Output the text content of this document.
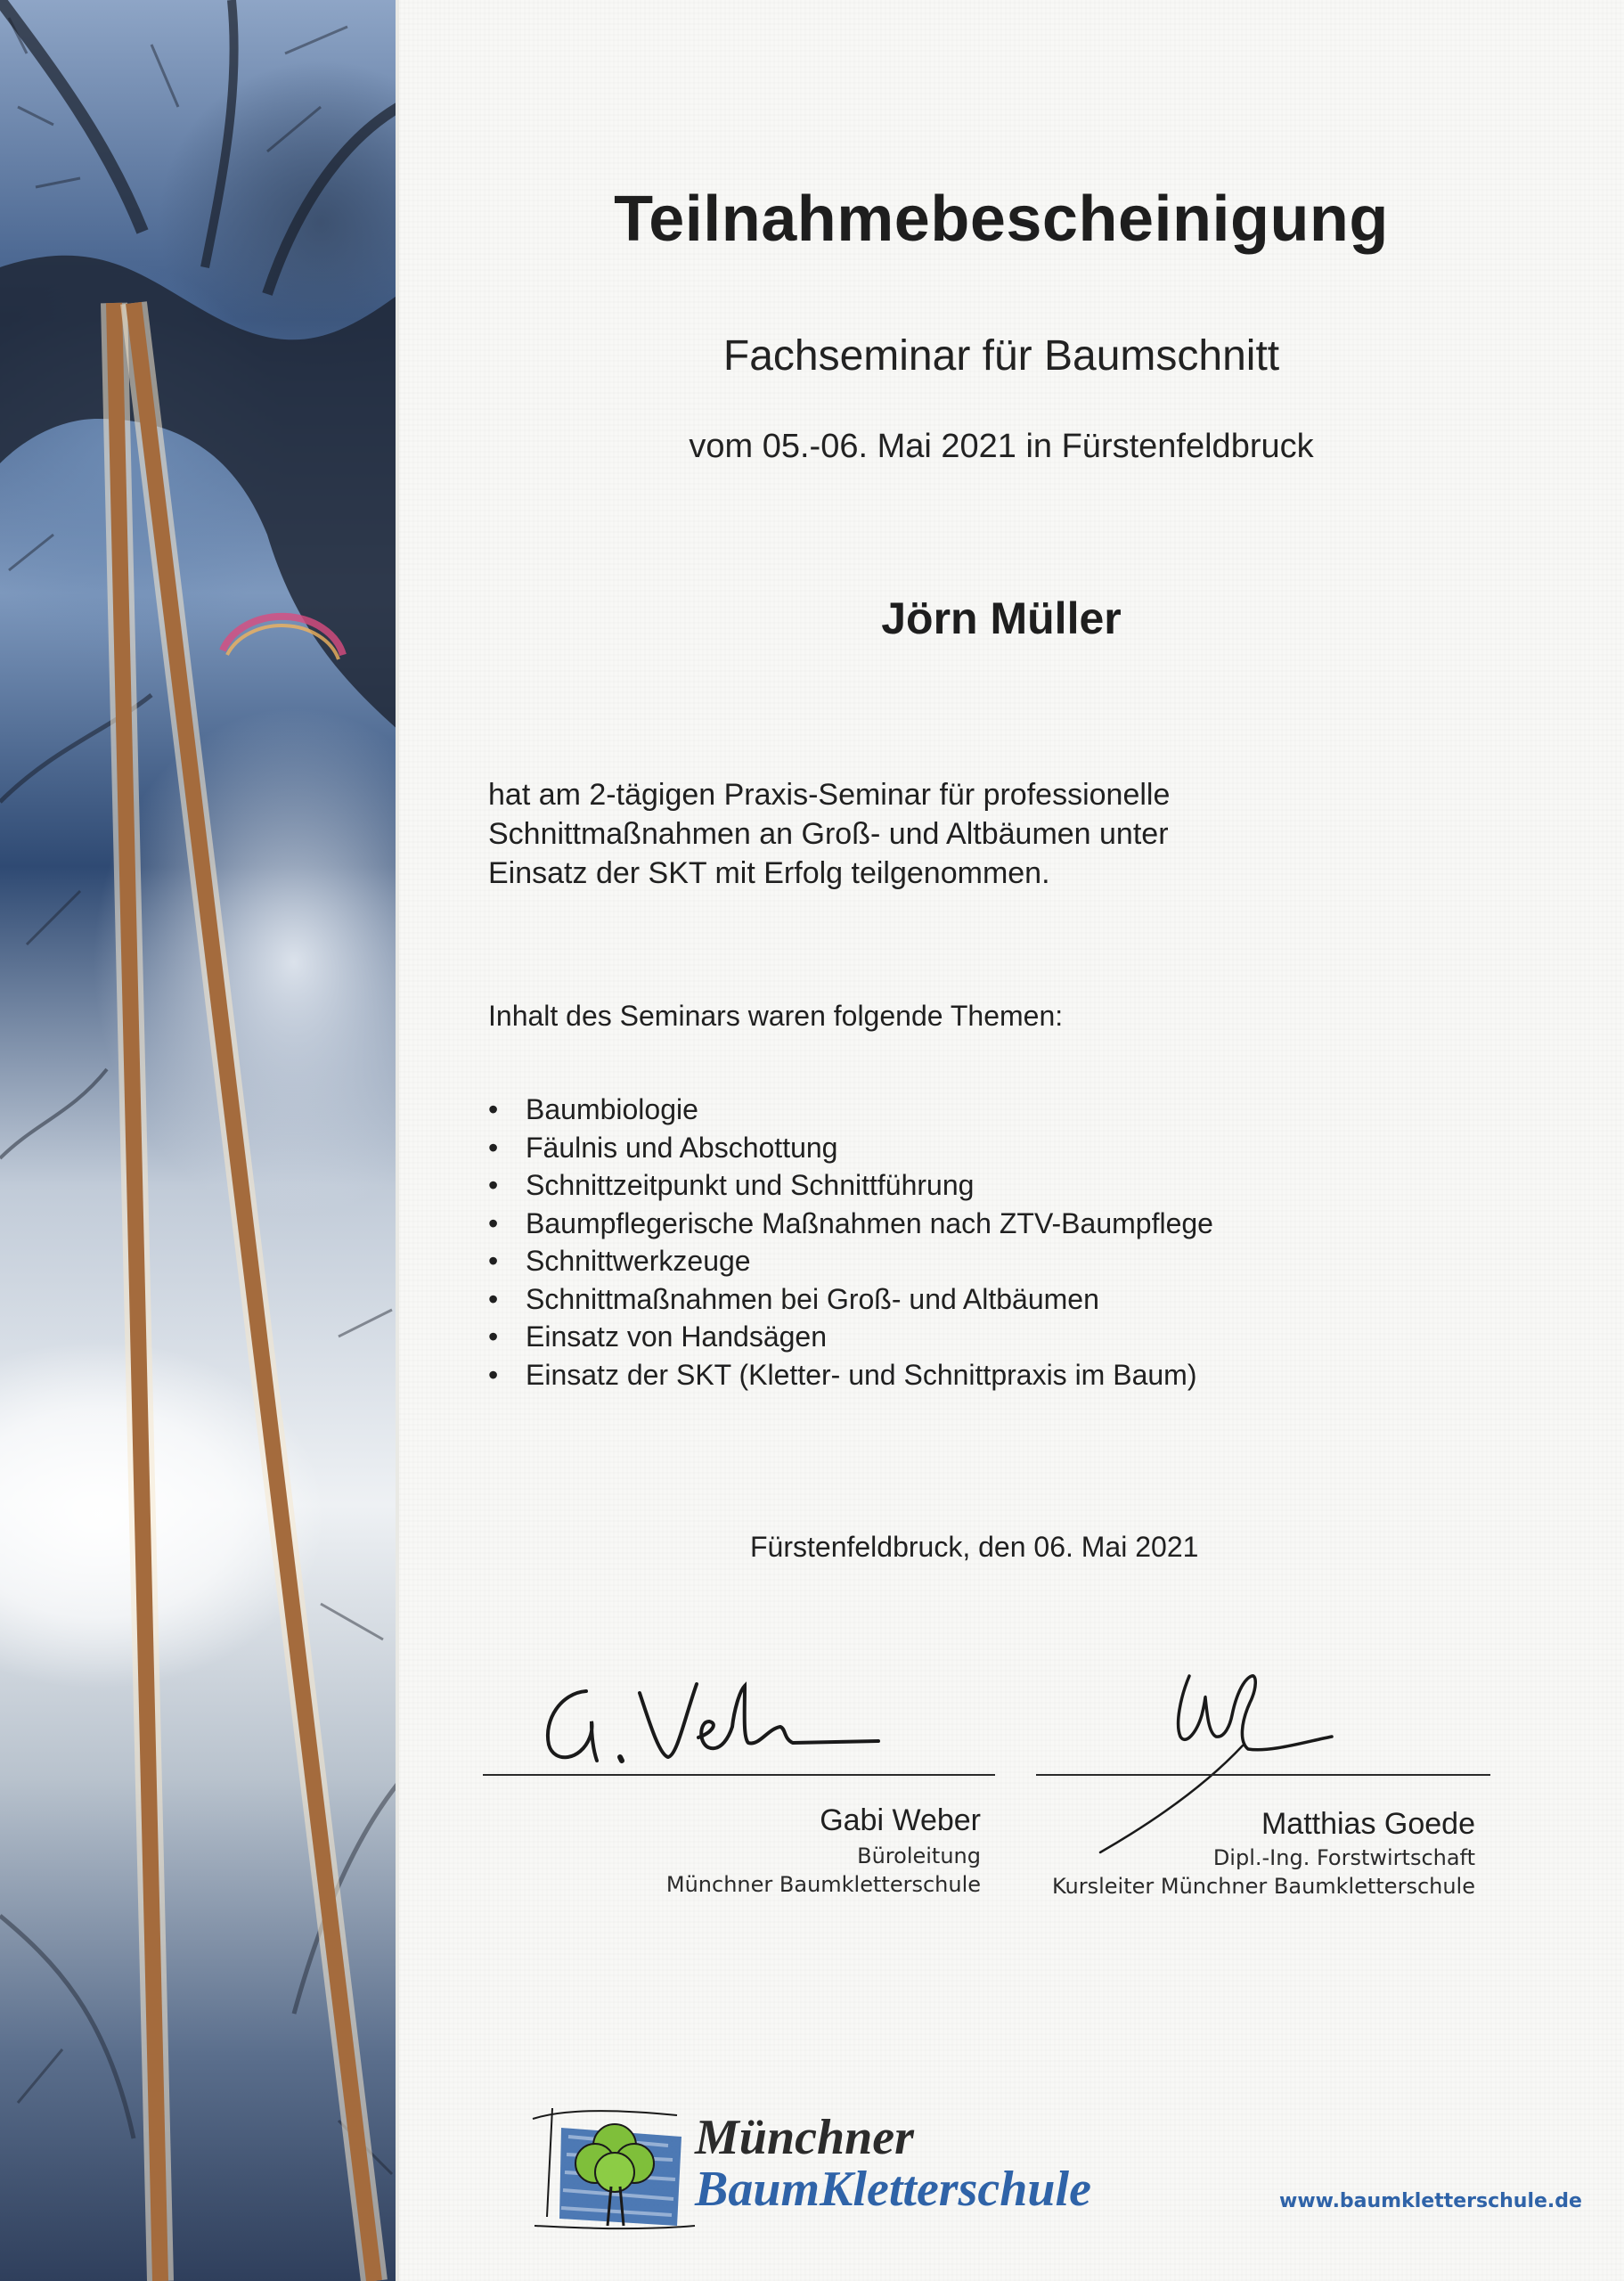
Teilnahmebescheinigung
Fachseminar für Baumschnitt
vom 05.-06. Mai 2021 in Fürstenfeldbruck
Jörn Müller
hat am 2-tägigen Praxis-Seminar für professionelle
Schnittmaßnahmen an Groß- und Altbäumen unter
Einsatz der SKT mit Erfolg teilgenommen.
Inhalt des Seminars waren folgende Themen:
• Baumbiologie
• Fäulnis und Abschottung
• Schnittzeitpunkt und Schnittführung
• Baumpflegerische Maßnahmen nach ZTV-Baumpflege
• Schnittwerkzeuge
• Schnittmaßnahmen bei Groß- und Altbäumen
• Einsatz von Handsägen
• Einsatz der SKT (Kletter- und Schnittpraxis im Baum)
Fürstenfeldbruck, den 06. Mai 2021
Gabi Weber
Büroleitung
Münchner Baumkletterschule
Matthias Goede
Dipl.-Ing. Forstwirtschaft
Kursleiter Münchner Baumkletterschule
Münchner
BaumKletterschule	www.baumkletterschule.de
